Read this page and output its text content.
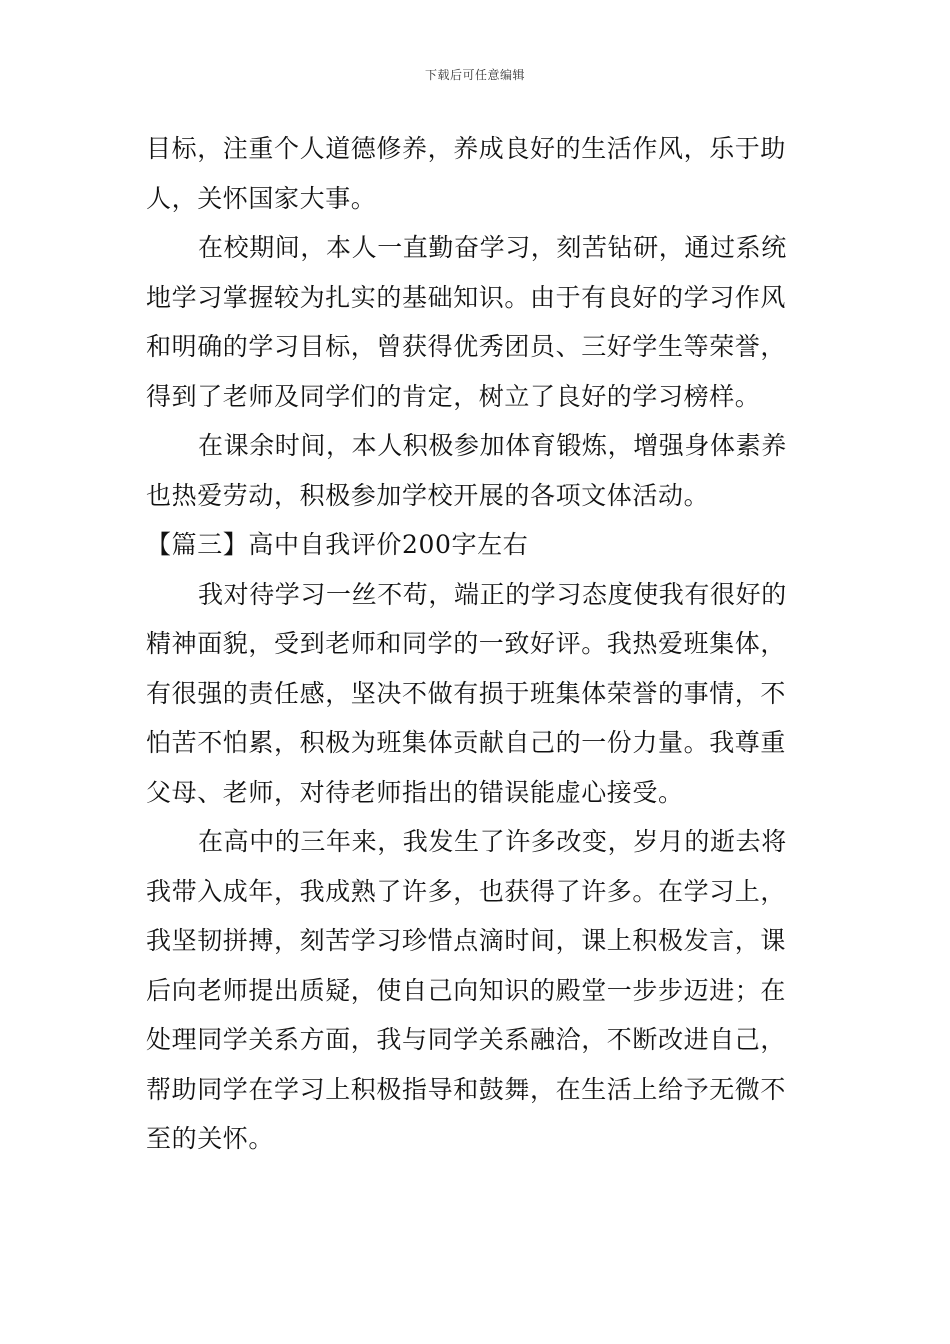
下载后可任意编辑
目标，注重个人道德修养，养成良好的生活作风，乐于助
人，关怀国家大事。
在校期间，本人一直勤奋学习，刻苦钻研，通过系统
地学习掌握较为扎实的基础知识。由于有良好的学习作风
和明确的学习目标，曾获得优秀团员、三好学生等荣誉，
得到了老师及同学们的肯定，树立了良好的学习榜样。
在课余时间，本人积极参加体育锻炼，增强身体素养
也热爱劳动，积极参加学校开展的各项文体活动。
【篇三】高中自我评价200字左右
我对待学习一丝不苟，端正的学习态度使我有很好的
精神面貌，受到老师和同学的一致好评。我热爱班集体，
有很强的责任感，坚决不做有损于班集体荣誉的事情，不
怕苦不怕累，积极为班集体贡献自己的一份力量。我尊重
父母、老师，对待老师指出的错误能虚心接受。
在高中的三年来，我发生了许多改变，岁月的逝去将
我带入成年，我成熟了许多，也获得了许多。在学习上，
我坚韧拼搏，刻苦学习珍惜点滴时间，课上积极发言，课
后向老师提出质疑，使自己向知识的殿堂一步步迈进；在
处理同学关系方面，我与同学关系融洽，不断改进自己，
帮助同学在学习上积极指导和鼓舞，在生活上给予无微不
至的关怀。
